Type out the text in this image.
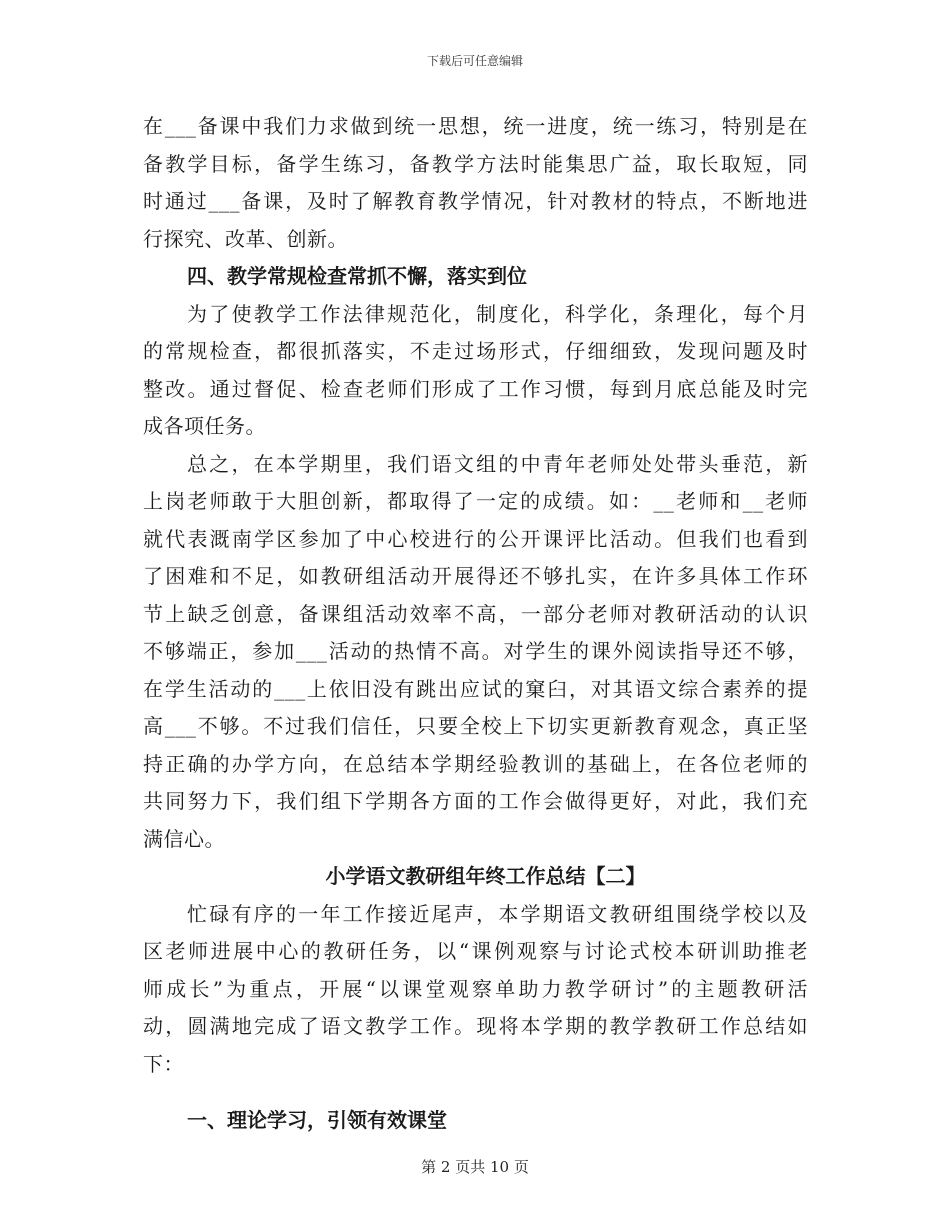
下载后可任意编辑
在___备课中我们力求做到统一思想，统一进度，统一练习，特别是在
备教学目标，备学生练习，备教学方法时能集思广益，取长取短，同
时通过___备课，及时了解教育教学情况，针对教材的特点，不断地进
行探究、改革、创新。
四、教学常规检查常抓不懈，落实到位
为了使教学工作法律规范化，制度化，科学化，条理化，每个月
的常规检查，都很抓落实，不走过场形式，仔细细致，发现问题及时
整改。通过督促、检查老师们形成了工作习惯，每到月底总能及时完
成各项任务。
总之，在本学期里，我们语文组的中青年老师处处带头垂范，新
上岗老师敢于大胆创新，都取得了一定的成绩。如：__老师和__老师
就代表溉南学区参加了中心校进行的公开课评比活动。但我们也看到
了困难和不足，如教研组活动开展得还不够扎实，在许多具体工作环
节上缺乏创意，备课组活动效率不高，一部分老师对教研活动的认识
不够端正，参加___活动的热情不高。对学生的课外阅读指导还不够，
在学生活动的___上依旧没有跳出应试的窠臼，对其语文综合素养的提
高___不够。不过我们信任，只要全校上下切实更新教育观念，真正坚
持正确的办学方向，在总结本学期经验教训的基础上，在各位老师的
共同努力下，我们组下学期各方面的工作会做得更好，对此，我们充
满信心。
小学语文教研组年终工作总结【二】
忙碌有序的一年工作接近尾声，本学期语文教研组围绕学校以及
区老师进展中心的教研任务，以“课例观察与讨论式校本研训助推老
师成长”为重点，开展“以课堂观察单助力教学研讨”的主题教研活
动，圆满地完成了语文教学工作。现将本学期的教学教研工作总结如
下：
一、理论学习，引领有效课堂
第 2 页共 10 页
